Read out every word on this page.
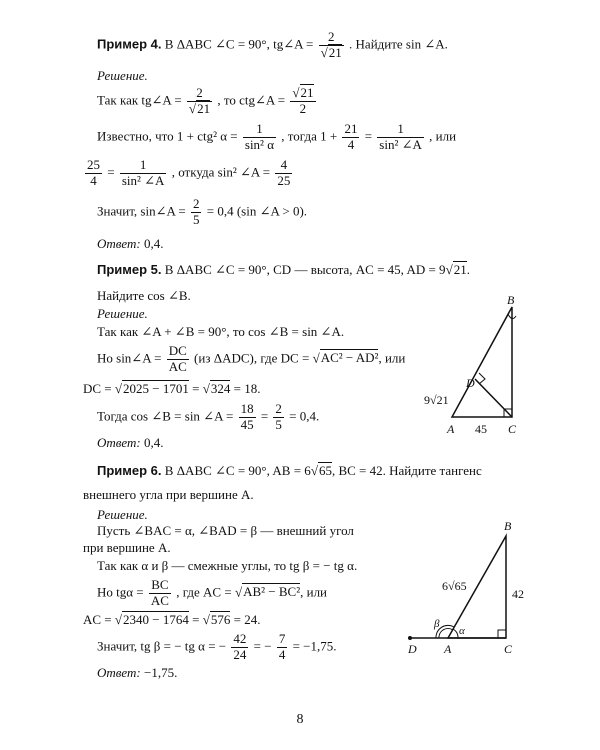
Пример 4. В ΔABC ∠C = 90°, tg∠A = $\frac{2}{√21}$ . Найдите sin ∠A.
Решение.
Так как tg∠A = $\frac{2}{√21}$ , то ctg∠A = $\frac{√21}{2}$
Известно, что 1 + ctg² $\alpha = \frac{1}{\text{sin² α}}$ , тогда $1 + \frac{21}{4} = \frac{1}{\text{sin² ∠A}}$ , или
$\frac{25}{4} = \frac{1}{\text{sin² ∠A}}$ , откуда sin² ∠A = $\frac{4}{25}$
Значит, sin∠A = $\frac{2}{5} = 0,4$ (sin ∠A > 0).
Ответ: 0,4.
Пример 5. В ΔABC ∠C = 90°, CD — высота, AC = 45, AD = 9√21.
Найдите cos ∠B.
Решение.
Так как ∠A + ∠B = 90°, то cos ∠B = sin ∠A.
Но sin∠A = $\frac{DC}{AC} (из$ ΔADC), где DC = √AC² − AD², или
DC = √2025 − 1701 = √324 = 18.
Тогда cos ∠B = sin ∠A = $\frac{18}{45} = \frac{2}{5} = 0,4$.
Ответ: 0,4.
B
D
A	C
9√21
45
Пример 6. В ΔABC ∠C = 90°, AB = 6√65, BC = 42. Найдите тангенс
внешнего угла при вершине A.
Решение.
Пусть ∠BAC = α, ∠BAD = β — внешний угол
при вершине A.
Так как α и β — смежные углы, то tg β = − tg α.
Но $tg\alpha = \frac{BC}{AC}$ , где AC = √AB² − BC², или
AC = √2340 − 1764 = √576 = 24.
Значит, tg β = − tg α = − $\frac{42}{24}$ = − $\frac{7}{4} = -1,75$.
Ответ: −1,75.
B
D A	C
6√65
42
α
β
8
